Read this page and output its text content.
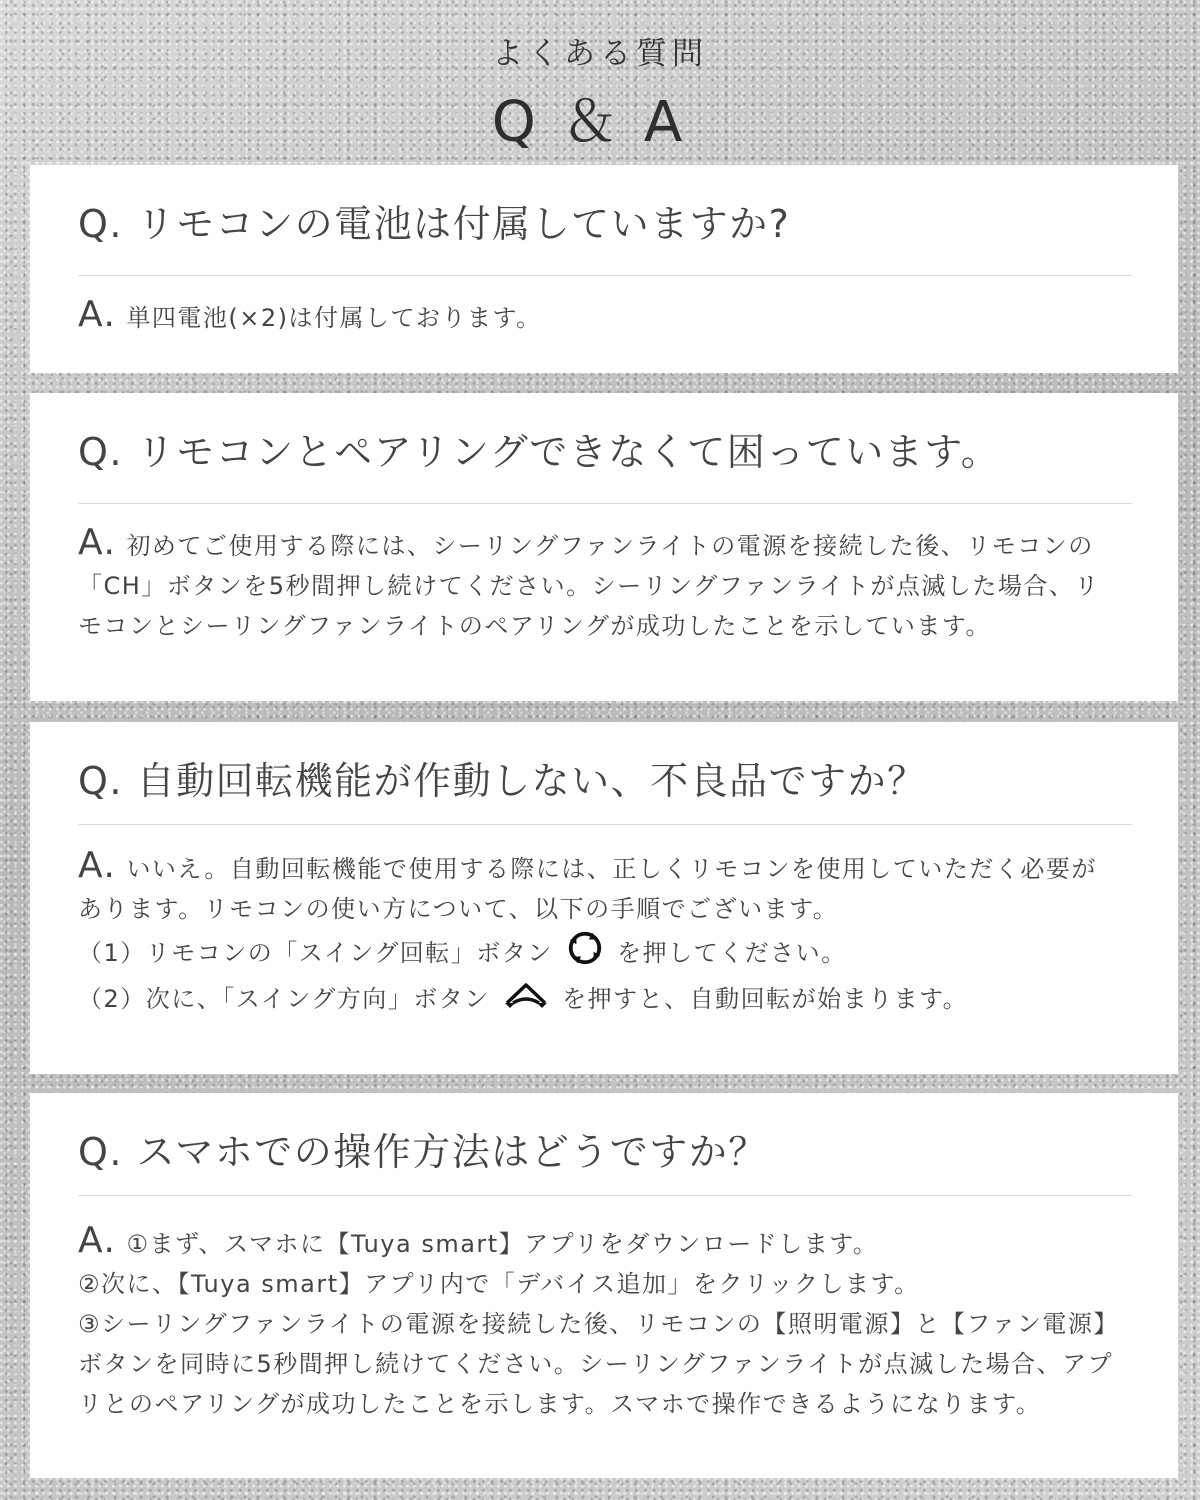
よくある質問
Q＆A
Q. リモコンの電池は付属していますか?
A. 単四電池(×2)は付属しております。
Q. リモコンとペアリングできなくて困っています。
A. 初めてご使用する際には、シーリングファンライトの電源を接続した後、リモコンの
「CH」ボタンを5秒間押し続けてください。シーリングファンライトが点滅した場合、リ
モコンとシーリングファンライトのペアリングが成功したことを示しています。
Q. 自動回転機能が作動しない、不良品ですか？
A. いいえ。自動回転機能で使用する際には、正しくリモコンを使用していただく必要が
あります。リモコンの使い方について、以下の手順でございます。
（1）リモコンの「スイング回転」ボタン	を押してください。
（2）次に、「スイング方向」ボタン	を押すと、自動回転が始まります。
Q. スマホでの操作方法はどうですか？
A. ①まず、スマホに【Tuya smart】アプリをダウンロードします。
②次に、【Tuya smart】アプリ内で「デバイス追加」をクリックします。
③シーリングファンライトの電源を接続した後、リモコンの【照明電源】と【ファン電源】
ボタンを同時に5秒間押し続けてください。シーリングファンライトが点滅した場合、アプ
リとのペアリングが成功したことを示します。スマホで操作できるようになります。
